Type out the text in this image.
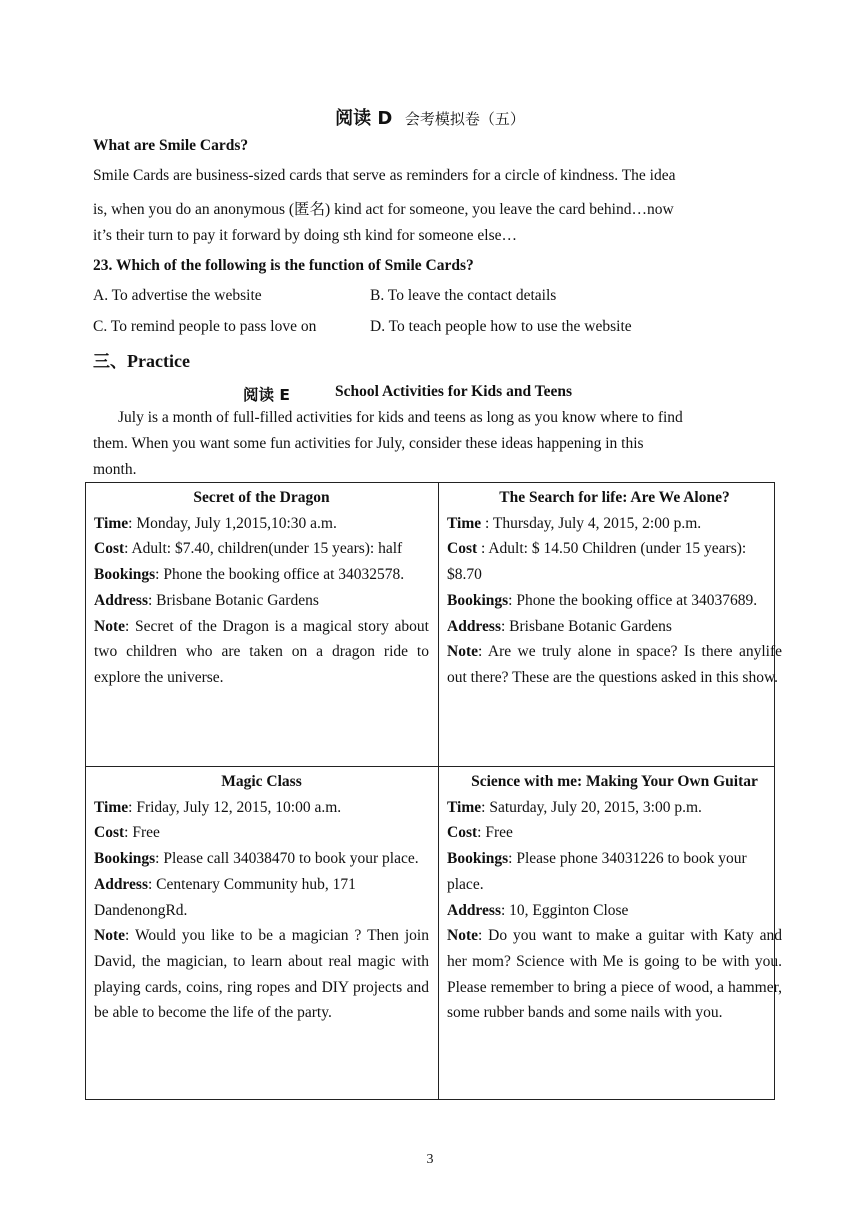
阅读 D 会考模拟卷（五）
What are Smile Cards?
Smile Cards are business-sized cards that serve as reminders for a circle of kindness. The idea
is, when you do an anonymous (匿名) kind act for someone, you leave the card behind…now
it’s their turn to pay it forward by doing sth kind for someone else…
23. Which of the following is the function of Smile Cards?
A. To advertise the website	B. To leave the contact details
C. To remind people to pass love on	D. To teach people how to use the website
三、Practice
阅读 E	School Activities for Kids and Teens
July is a month of full-filled activities for kids and teens as long as you know where to find
them. When you want some fun activities for July, consider these ideas happening in this
month.

Secret of the Dragon

Time: Monday, July 1,2015,10:30 a.m.

Cost: Adult: $7.40, children(under 15 years): half

Bookings: Phone the booking office at 34032578.

Address: Brisbane Botanic Gardens

Note: Secret of the Dragon is a magical story about two children who are taken on a dragon ride to explore the universe.

The Search for life: Are We Alone?

Time : Thursday, July 4, 2015, 2:00 p.m.

Cost : Adult: $ 14.50 Children (under 15 years): $8.70

Bookings: Phone the booking office at 34037689.

Address: Brisbane Botanic Gardens

Note: Are we truly alone in space? Is there anylife out there? These are the questions asked in this show.

Magic Class

Time: Friday, July 12, 2015, 10:00 a.m.

Cost: Free

Bookings: Please call 34038470 to book your place.

Address: Centenary Community hub, 171 DandenongRd.

Note: Would you like to be a magician ? Then join David, the magician, to learn about real magic with playing cards, coins, ring ropes and DIY projects and be able to become the life of the party.

Science with me: Making Your Own Guitar

Time: Saturday, July 20, 2015, 3:00 p.m.

Cost: Free

Bookings: Please phone 34031226 to book your place.

Address: 10, Egginton Close

Note: Do you want to make a guitar with Katy and her mom? Science with Me is going to be with you. Please remember to bring a piece of wood, a hammer, some rubber bands and some nails with you.

3
